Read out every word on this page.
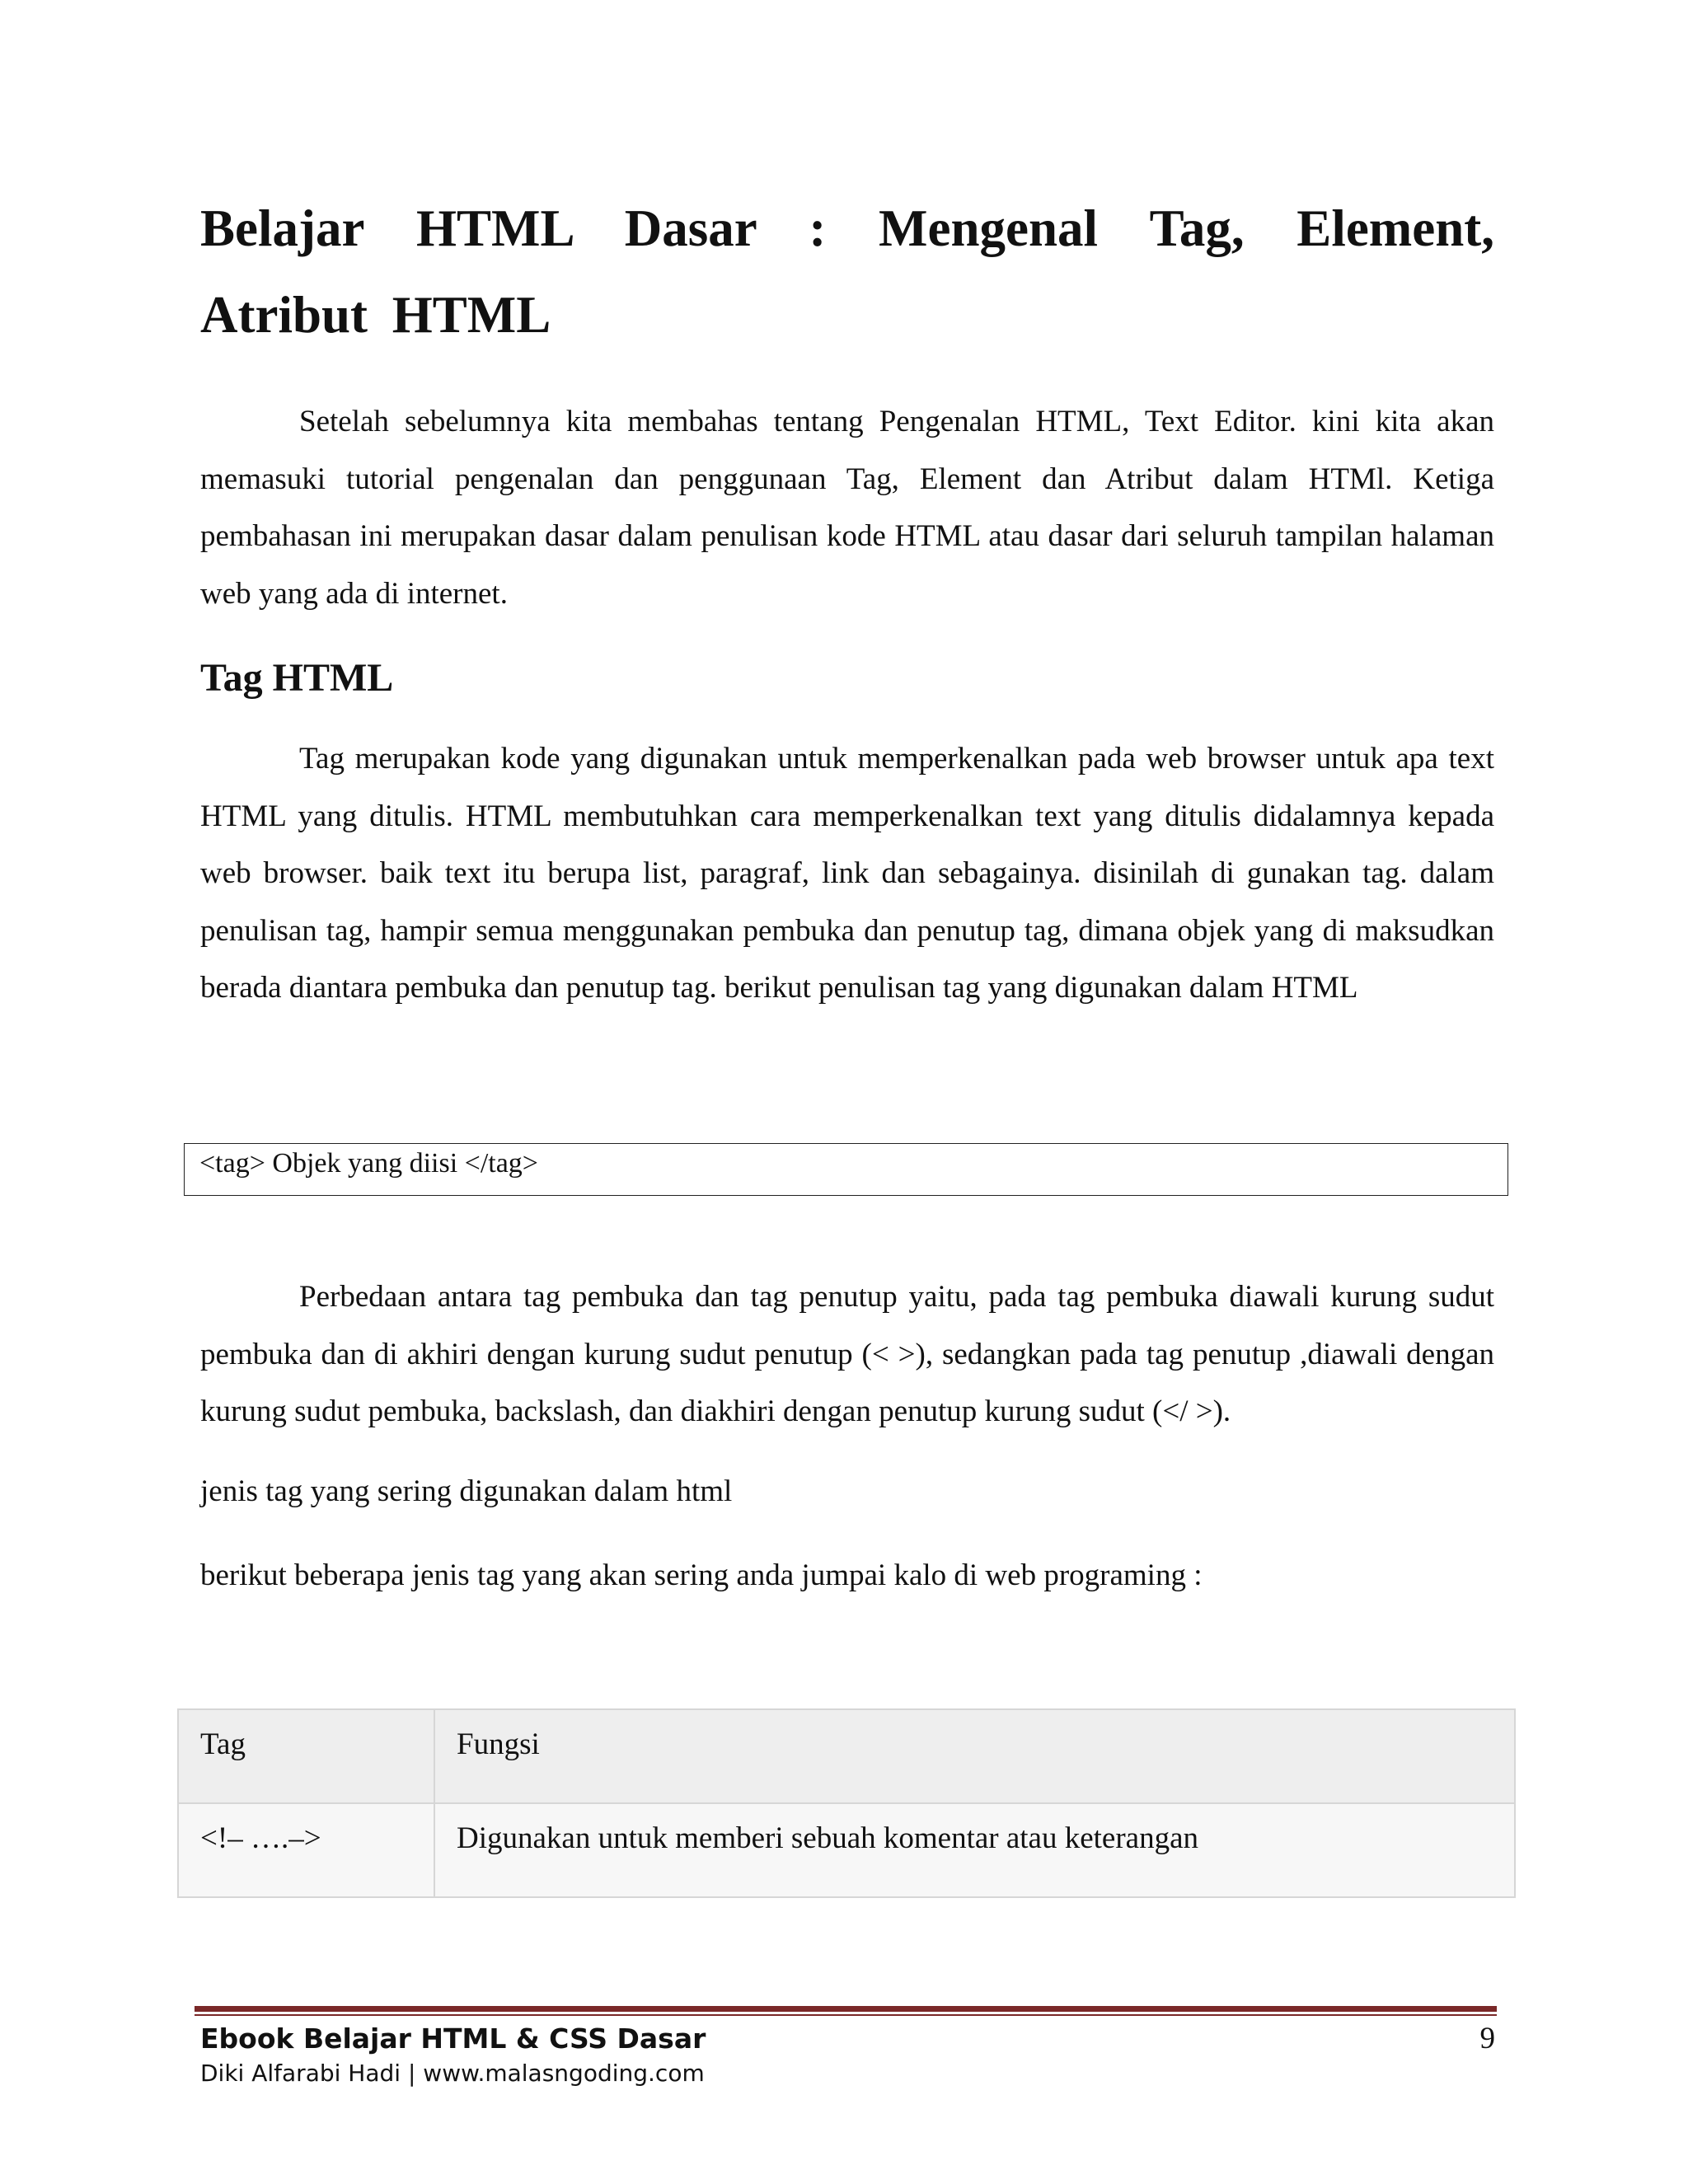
Belajar HTML Dasar : Mengenal Tag, Element, Atribut HTML

Setelah sebelumnya kita membahas tentang Pengenalan HTML, Text Editor. kini kita akan memasuki tutorial pengenalan dan penggunaan Tag, Element dan Atribut dalam HTMl. Ketiga pembahasan ini merupakan dasar dalam penulisan kode HTML atau dasar dari seluruh tampilan halaman web yang ada di internet.

Tag HTML

Tag merupakan kode yang digunakan untuk memperkenalkan pada web browser untuk apa text HTML yang ditulis. HTML membutuhkan cara memperkenalkan text yang ditulis didalamnya kepada web browser. baik text itu berupa list, paragraf, link dan sebagainya. disinilah di gunakan tag. dalam penulisan tag, hampir semua menggunakan pembuka dan penutup tag, dimana objek yang di maksudkan berada diantara pembuka dan penutup tag. berikut penulisan tag yang digunakan dalam HTML

<tag> Objek yang diisi </tag>

Perbedaan antara tag pembuka dan tag penutup yaitu, pada tag pembuka diawali kurung sudut pembuka dan di akhiri dengan kurung sudut penutup (< >), sedangkan pada tag penutup ,diawali dengan kurung sudut pembuka, backslash, dan diakhiri dengan penutup kurung sudut (</ >).

jenis tag yang sering digunakan dalam html

berikut beberapa jenis tag yang akan sering anda jumpai kalo di web programing :

Tag	Fungsi
<!– ….–>	Digunakan untuk memberi sebuah komentar atau keterangan
Ebook Belajar HTML & CSS Dasar
Diki Alfarabi Hadi | www.malasngoding.com
9
